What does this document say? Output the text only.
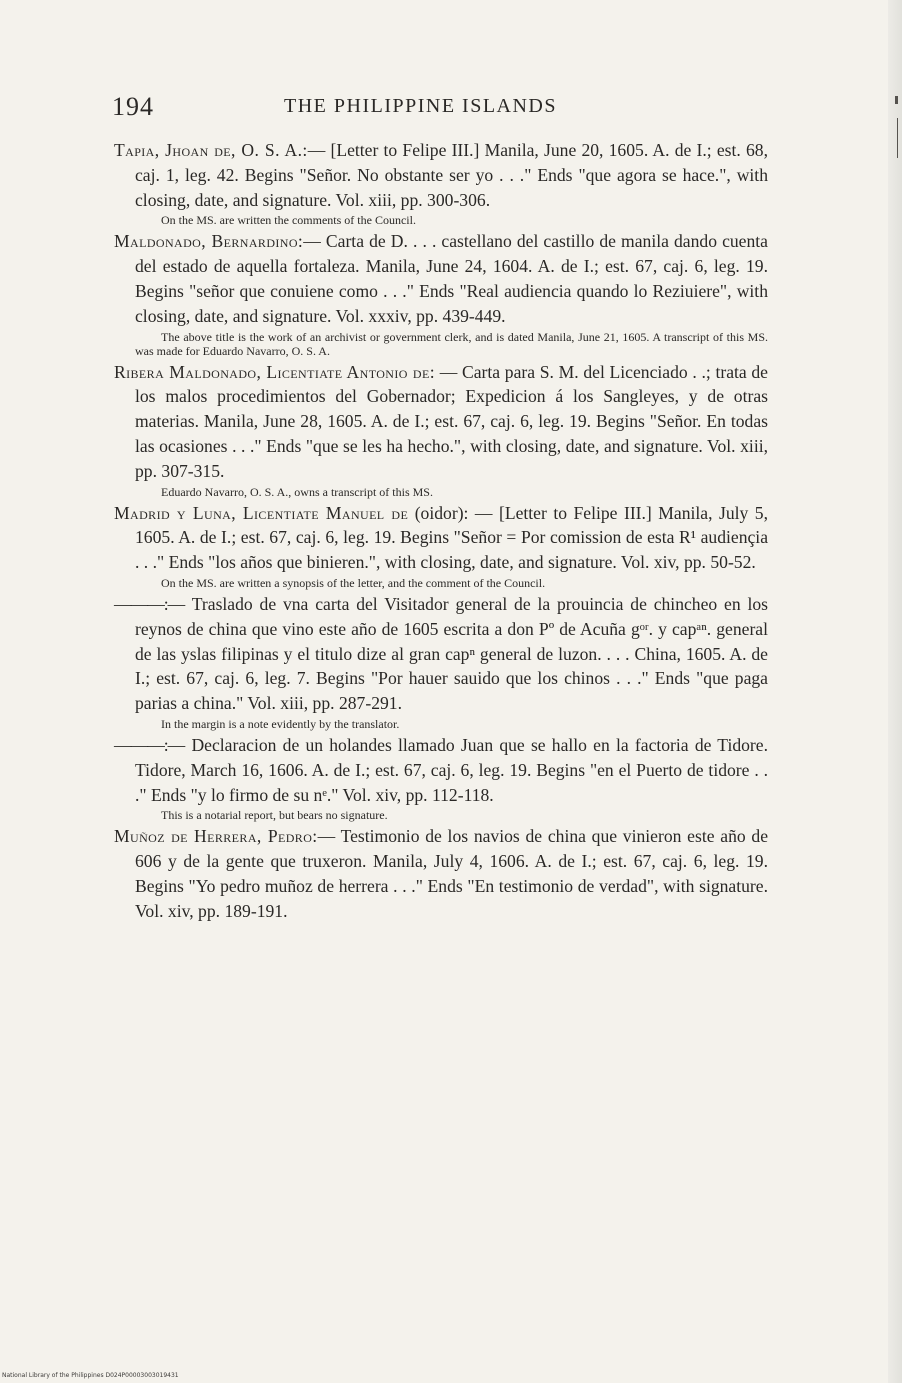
194	THE PHILIPPINE ISLANDS

Tapia, Jhoan de, O. S. A.:— [Letter to Felipe III.] Manila, June 20, 1605. A. de I.; est. 68, caj. 1, leg. 42. Begins "Señor. No obstante ser yo . . ." Ends "que agora se hace.", with closing, date, and signature. Vol. xiii, pp. 300-306.

On the MS. are written the comments of the Council.

Maldonado, Bernardino:— Carta de D. . . . castellano del castillo de manila dando cuenta del estado de aquella fortaleza. Manila, June 24, 1604. A. de I.; est. 67, caj. 6, leg. 19. Begins "señor que conuiene como . . ." Ends "Real audiencia quando lo Reziuiere", with closing, date, and signature. Vol. xxxiv, pp. 439-449.

The above title is the work of an archivist or government clerk, and is dated Manila, June 21, 1605. A transcript of this MS. was made for Eduardo Navarro, O. S. A.

Ribera Maldonado, Licentiate Antonio de: — Carta para S. M. del Licenciado . .; trata de los malos procedimientos del Gobernador; Expedicion á los Sangleyes, y de otras materias. Manila, June 28, 1605. A. de I.; est. 67, caj. 6, leg. 19. Begins "Señor. En todas las ocasiones . . ." Ends "que se les ha hecho.", with closing, date, and signature. Vol. xiii, pp. 307-315.

Eduardo Navarro, O. S. A., owns a transcript of this MS.

Madrid y Luna, Licentiate Manuel de (oidor): — [Letter to Felipe III.] Manila, July 5, 1605. A. de I.; est. 67, caj. 6, leg. 19. Begins "Señor = Por comission de esta R¹ audiençia . . ." Ends "los años que binieren.", with closing, date, and signature. Vol. xiv, pp. 50-52.

On the MS. are written a synopsis of the letter, and the comment of the Council.

———:— Traslado de vna carta del Visitador general de la prouincia de chincheo en los reynos de china que vino este año de 1605 escrita a don Pº de Acuña gᵒʳ. y capᵃⁿ. general de las yslas filipinas y el titulo dize al gran capⁿ general de luzon. . . . China, 1605. A. de I.; est. 67, caj. 6, leg. 7. Begins "Por hauer sauido que los chinos . . ." Ends "que paga parias a china." Vol. xiii, pp. 287-291.

In the margin is a note evidently by the translator.

———:— Declaracion de un holandes llamado Juan que se hallo en la factoria de Tidore. Tidore, March 16, 1606. A. de I.; est. 67, caj. 6, leg. 19. Begins "en el Puerto de tidore . . ." Ends "y lo firmo de su nᵉ." Vol. xiv, pp. 112-118.

This is a notarial report, but bears no signature.

Muñoz de Herrera, Pedro:— Testimonio de los navios de china que vinieron este año de 606 y de la gente que truxeron. Manila, July 4, 1606. A. de I.; est. 67, caj. 6, leg. 19. Begins "Yo pedro muñoz de herrera . . ." Ends "En testimonio de verdad", with signature. Vol. xiv, pp. 189-191.

National Library of the Philippines D024P00003003019431
